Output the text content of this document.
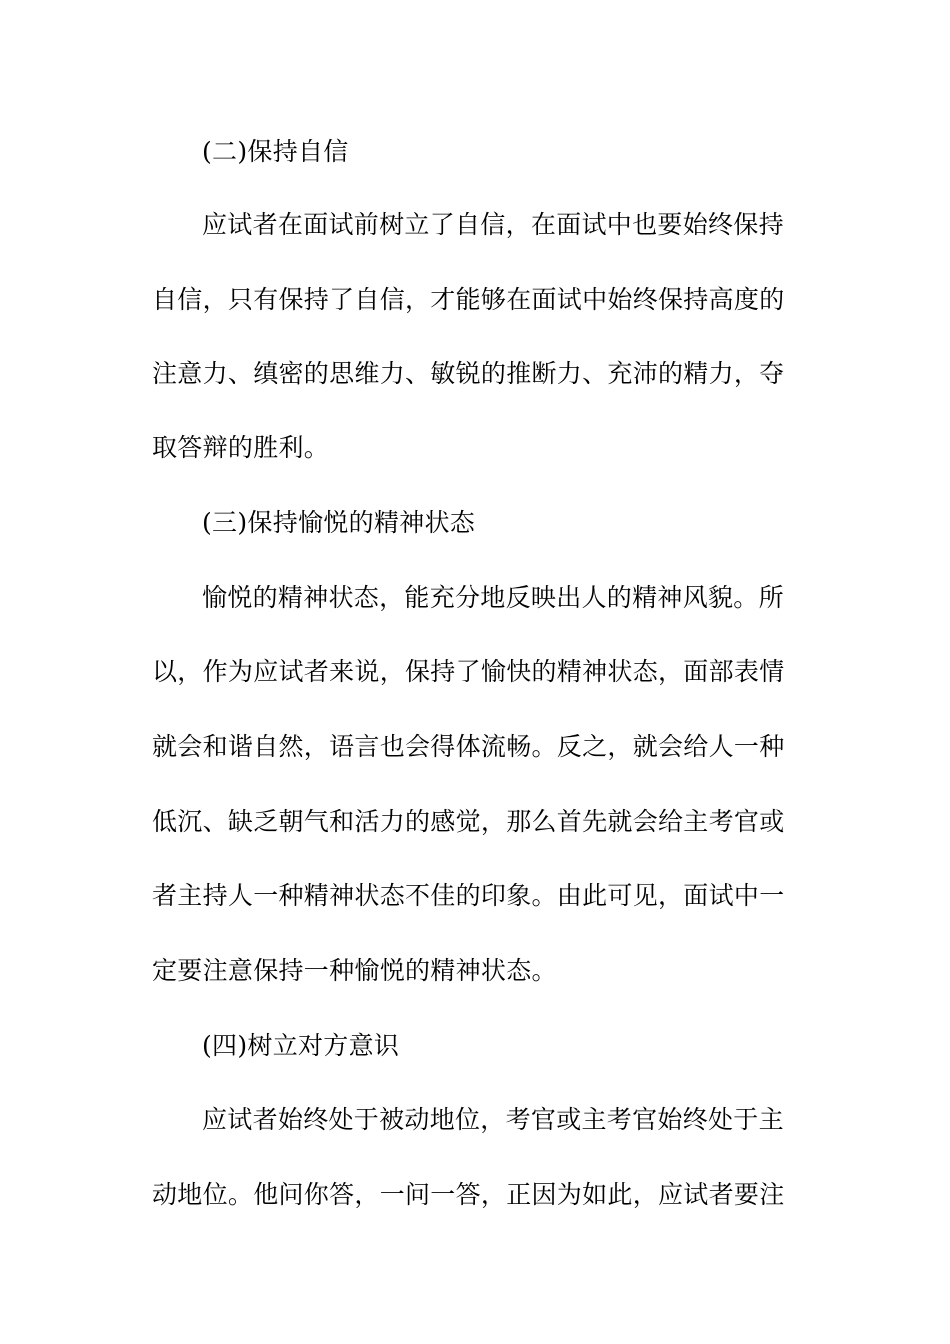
(二)保持自信
应试者在面试前树立了自信，在面试中也要始终保持
自信，只有保持了自信，才能够在面试中始终保持高度的
注意力、缜密的思维力、敏锐的推断力、充沛的精力，夺
取答辩的胜利。
(三)保持愉悦的精神状态
愉悦的精神状态，能充分地反映出人的精神风貌。所
以，作为应试者来说，保持了愉快的精神状态，面部表情
就会和谐自然，语言也会得体流畅。反之，就会给人一种
低沉、缺乏朝气和活力的感觉，那么首先就会给主考官或
者主持人一种精神状态不佳的印象。由此可见，面试中一
定要注意保持一种愉悦的精神状态。
(四)树立对方意识
应试者始终处于被动地位，考官或主考官始终处于主
动地位。他问你答，一问一答，正因为如此，应试者要注
